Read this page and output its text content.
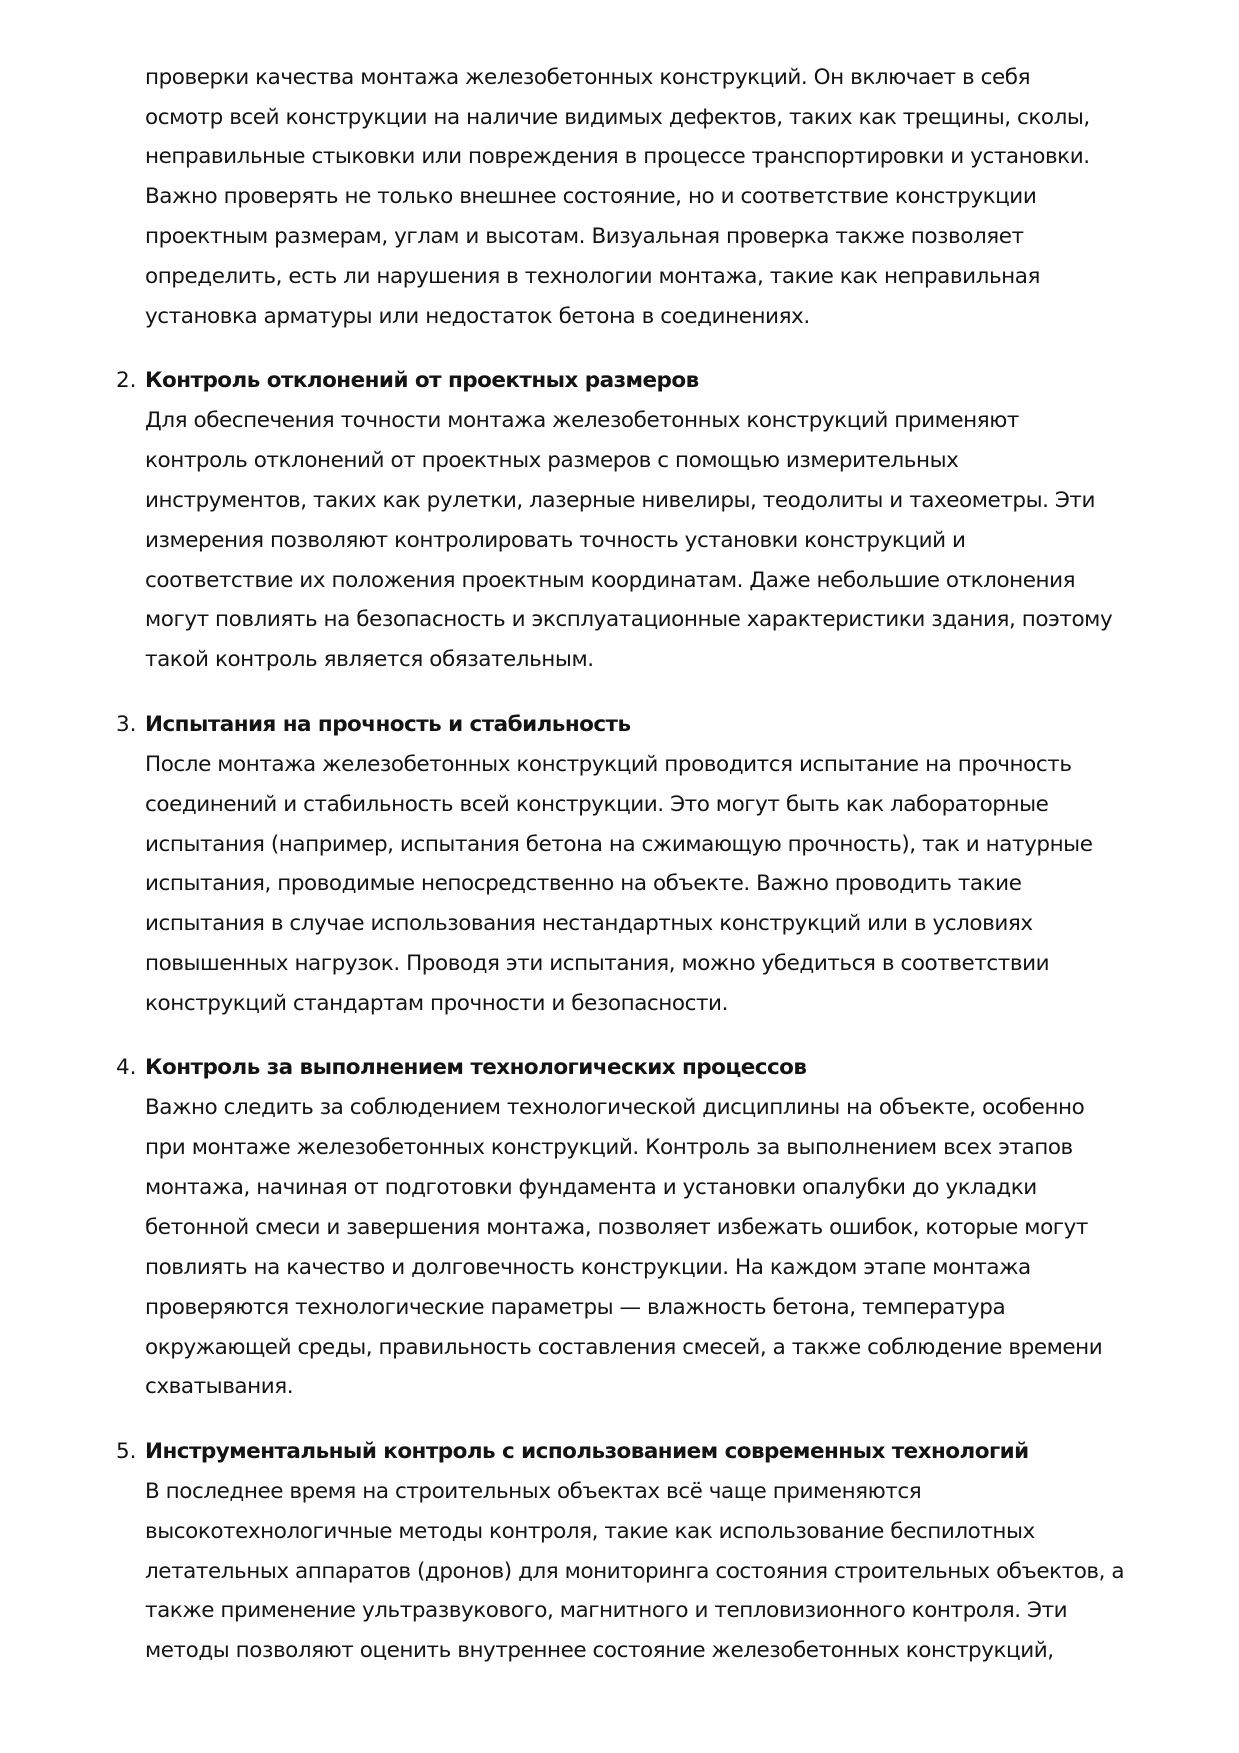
проверки качества монтажа железобетонных конструкций. Он включает в себя

осмотр всей конструкции на наличие видимых дефектов, таких как трещины, сколы,

неправильные стыковки или повреждения в процессе транспортировки и установки.

Важно проверять не только внешнее состояние, но и соответствие конструкции

проектным размерам, углам и высотам. Визуальная проверка также позволяет

определить, есть ли нарушения в технологии монтажа, такие как неправильная

установка арматуры или недостаток бетона в соединениях.

2. Контроль отклонений от проектных размеров

Для обеспечения точности монтажа железобетонных конструкций применяют

контроль отклонений от проектных размеров с помощью измерительных

инструментов, таких как рулетки, лазерные нивелиры, теодолиты и тахеометры. Эти

измерения позволяют контролировать точность установки конструкций и

соответствие их положения проектным координатам. Даже небольшие отклонения

могут повлиять на безопасность и эксплуатационные характеристики здания, поэтому

такой контроль является обязательным.

3. Испытания на прочность и стабильность

После монтажа железобетонных конструкций проводится испытание на прочность

соединений и стабильность всей конструкции. Это могут быть как лабораторные

испытания (например, испытания бетона на сжимающую прочность), так и натурные

испытания, проводимые непосредственно на объекте. Важно проводить такие

испытания в случае использования нестандартных конструкций или в условиях

повышенных нагрузок. Проводя эти испытания, можно убедиться в соответствии

конструкций стандартам прочности и безопасности.

4. Контроль за выполнением технологических процессов

Важно следить за соблюдением технологической дисциплины на объекте, особенно

при монтаже железобетонных конструкций. Контроль за выполнением всех этапов

монтажа, начиная от подготовки фундамента и установки опалубки до укладки

бетонной смеси и завершения монтажа, позволяет избежать ошибок, которые могут

повлиять на качество и долговечность конструкции. На каждом этапе монтажа

проверяются технологические параметры — влажность бетона, температура

окружающей среды, правильность составления смесей, а также соблюдение времени

схватывания.

5. Инструментальный контроль с использованием современных технологий

В последнее время на строительных объектах всё чаще применяются

высокотехнологичные методы контроля, такие как использование беспилотных

летательных аппаратов (дронов) для мониторинга состояния строительных объектов, а

также применение ультразвукового, магнитного и тепловизионного контроля. Эти

методы позволяют оценить внутреннее состояние железобетонных конструкций,
